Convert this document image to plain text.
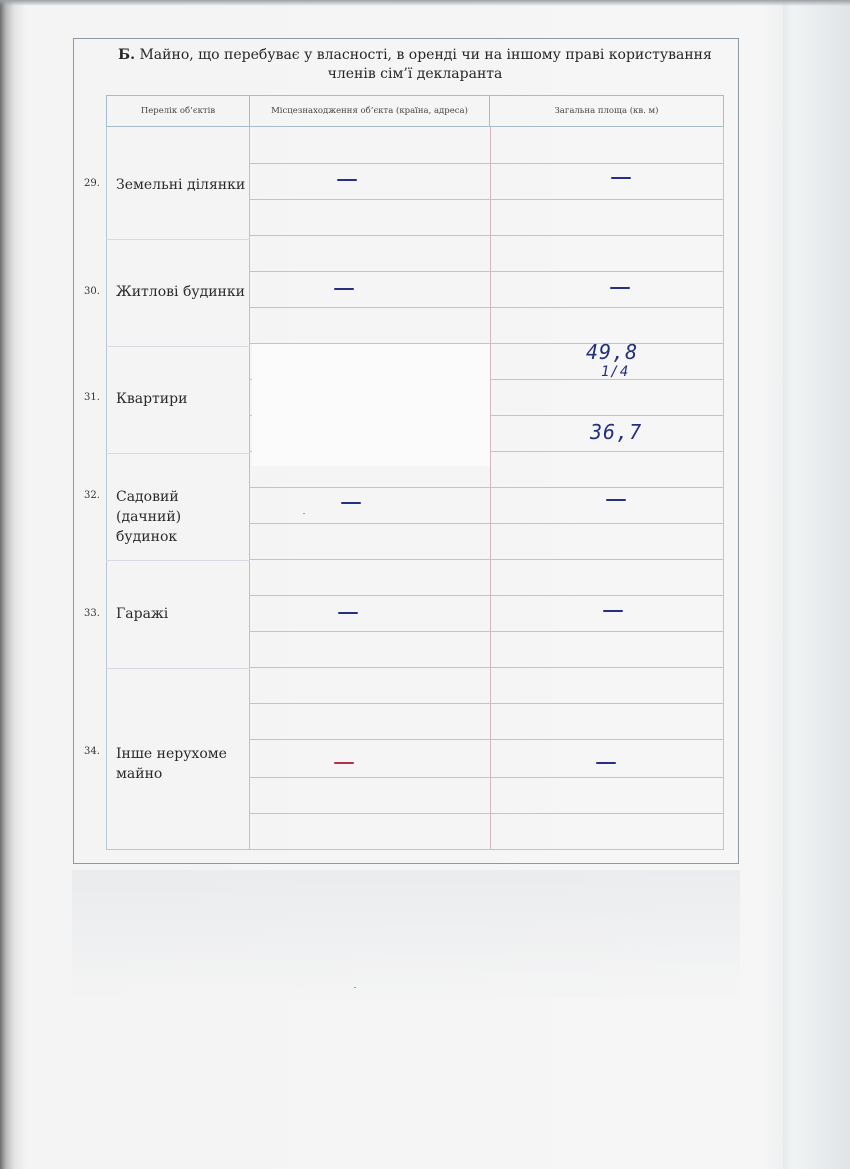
Б. Майно, що перебуває у власності, в оренді чи на іншому праві користування
членів сім’ї декларанта
Перелік об’єктів	Місцезнаходження об’єкта (країна, адреса)	Загальна площа (кв. м)
29. Земельні ділянки
30. Житлові будинки
31. Квартири
32. Садовий (дачний) будинок
33. Гаражі
34. Інше нерухоме майно
49,8
1/4
36,7
